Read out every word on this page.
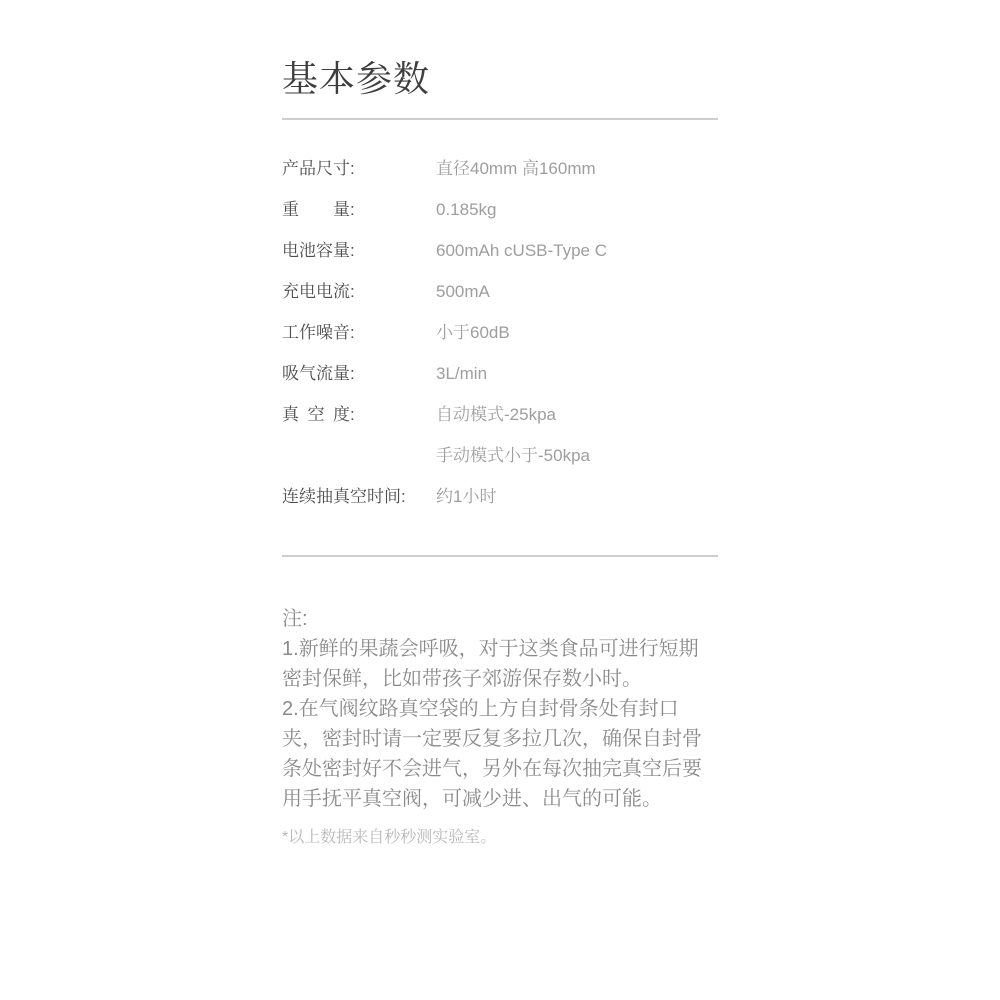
基本参数
产品尺寸:	直径40mm 高160mm
重　　量:	0.185kg
电池容量:	600mAh cUSB-Type C
充电电流:	500mA
工作噪音:	小于60dB
吸气流量:	3L/min
真 空 度:	自动模式-25kpa
手动模式小于-50kpa
连续抽真空时间:	约1小时
注:
1.新鲜的果蔬会呼吸，对于这类食品可进行短期密封保鲜，比如带孩子郊游保存数小时。
2.在气阀纹路真空袋的上方自封骨条处有封口夹，密封时请一定要反复多拉几次，确保自封骨条处密封好不会进气，另外在每次抽完真空后要用手抚平真空阀，可减少进、出气的可能。
*以上数据来自秒秒测实验室。
